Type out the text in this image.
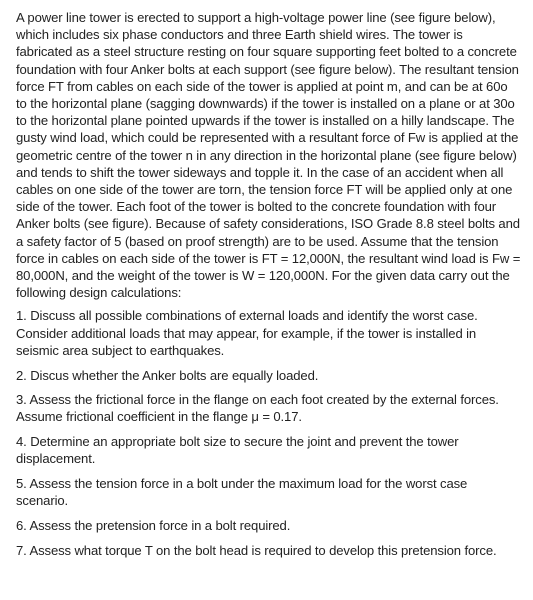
A power line tower is erected to support a high-voltage power line (see figure below), which includes six phase conductors and three Earth shield wires. The tower is fabricated as a steel structure resting on four square supporting feet bolted to a concrete foundation with four Anker bolts at each support (see figure below). The resultant tension force FT from cables on each side of the tower is applied at point m, and can be at 60o to the horizontal plane (sagging downwards) if the tower is installed on a plane or at 30o to the horizontal plane pointed upwards if the tower is installed on a hilly landscape. The gusty wind load, which could be represented with a resultant force of Fw is applied at the geometric centre of the tower n in any direction in the horizontal plane (see figure below) and tends to shift the tower sideways and topple it. In the case of an accident when all cables on one side of the tower are torn, the tension force FT will be applied only at one side of the tower. Each foot of the tower is bolted to the concrete foundation with four Anker bolts (see figure). Because of safety considerations, ISO Grade 8.8 steel bolts and a safety factor of 5 (based on proof strength) are to be used. Assume that the tension force in cables on each side of the tower is FT = 12,000N, the resultant wind load is Fw = 80,000N, and the weight of the tower is W = 120,000N. For the given data carry out the following design calculations:

1. Discuss all possible combinations of external loads and identify the worst case. Consider additional loads that may appear, for example, if the tower is installed in seismic area subject to earthquakes.
2. Discus whether the Anker bolts are equally loaded.
3. Assess the frictional force in the flange on each foot created by the external forces. Assume frictional coefficient in the flange μ = 0.17.
4. Determine an appropriate bolt size to secure the joint and prevent the tower displacement.
5. Assess the tension force in a bolt under the maximum load for the worst case scenario.
6. Assess the pretension force in a bolt required.
7. Assess what torque T on the bolt head is required to develop this pretension force.
